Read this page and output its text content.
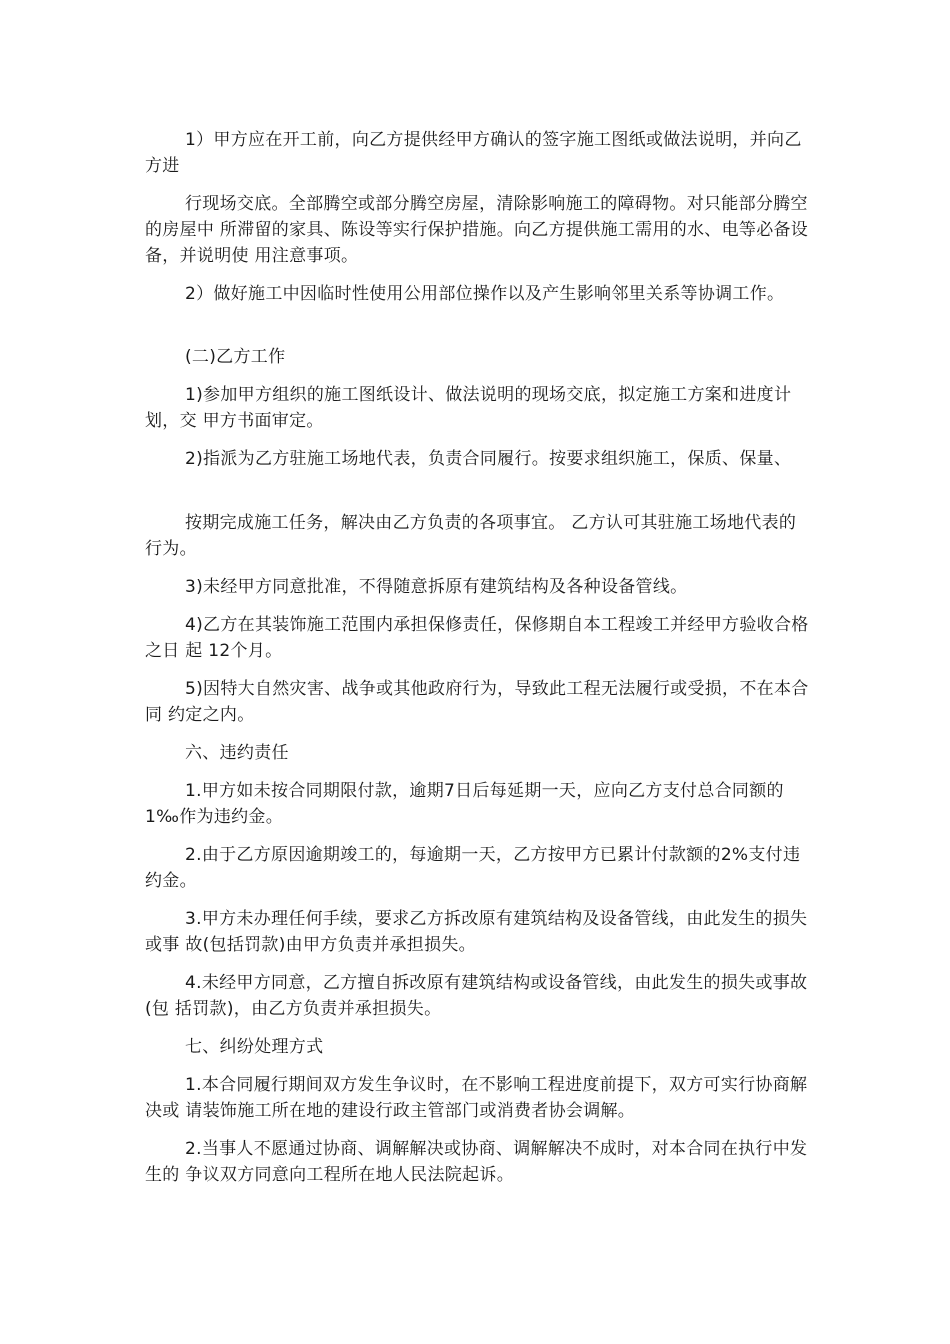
1）甲方应在开工前，向乙方提供经甲方确认的签字施工图纸或做法说明，并向乙方进

行现场交底。全部腾空或部分腾空房屋，清除影响施工的障碍物。对只能部分腾空的房屋中 所滞留的家具、陈设等实行保护措施。向乙方提供施工需用的水、电等必备设备，并说明使 用注意事项。

2）做好施工中因临时性使用公用部位操作以及产生影响邻里关系等协调工作。

(二)乙方工作

1)参加甲方组织的施工图纸设计、做法说明的现场交底，拟定施工方案和进度计划，交 甲方书面审定。

2)指派为乙方驻施工场地代表，负责合同履行。按要求组织施工，保质、保量、

按期完成施工任务，解决由乙方负责的各项事宜。 乙方认可其驻施工场地代表的行为。

3)未经甲方同意批准，不得随意拆原有建筑结构及各种设备管线。

4)乙方在其装饰施工范围内承担保修责任，保修期自本工程竣工并经甲方验收合格之日 起 12个月。

5)因特大自然灾害、战争或其他政府行为，导致此工程无法履行或受损，不在本合同 约定之内。

六、违约责任

1.甲方如未按合同期限付款，逾期7日后每延期一天，应向乙方支付总合同额的1‰作为违约金。

2.由于乙方原因逾期竣工的，每逾期一天，乙方按甲方已累计付款额的2%支付违约金。

3.甲方未办理任何手续，要求乙方拆改原有建筑结构及设备管线，由此发生的损失或事 故(包括罚款)由甲方负责并承担损失。

4.未经甲方同意，乙方擅自拆改原有建筑结构或设备管线，由此发生的损失或事故(包 括罚款)，由乙方负责并承担损失。

七、纠纷处理方式

1.本合同履行期间双方发生争议时，在不影响工程进度前提下，双方可实行协商解决或 请装饰施工所在地的建设行政主管部门或消费者协会调解。

2.当事人不愿通过协商、调解解决或协商、调解解决不成时，对本合同在执行中发生的 争议双方同意向工程所在地人民法院起诉。
